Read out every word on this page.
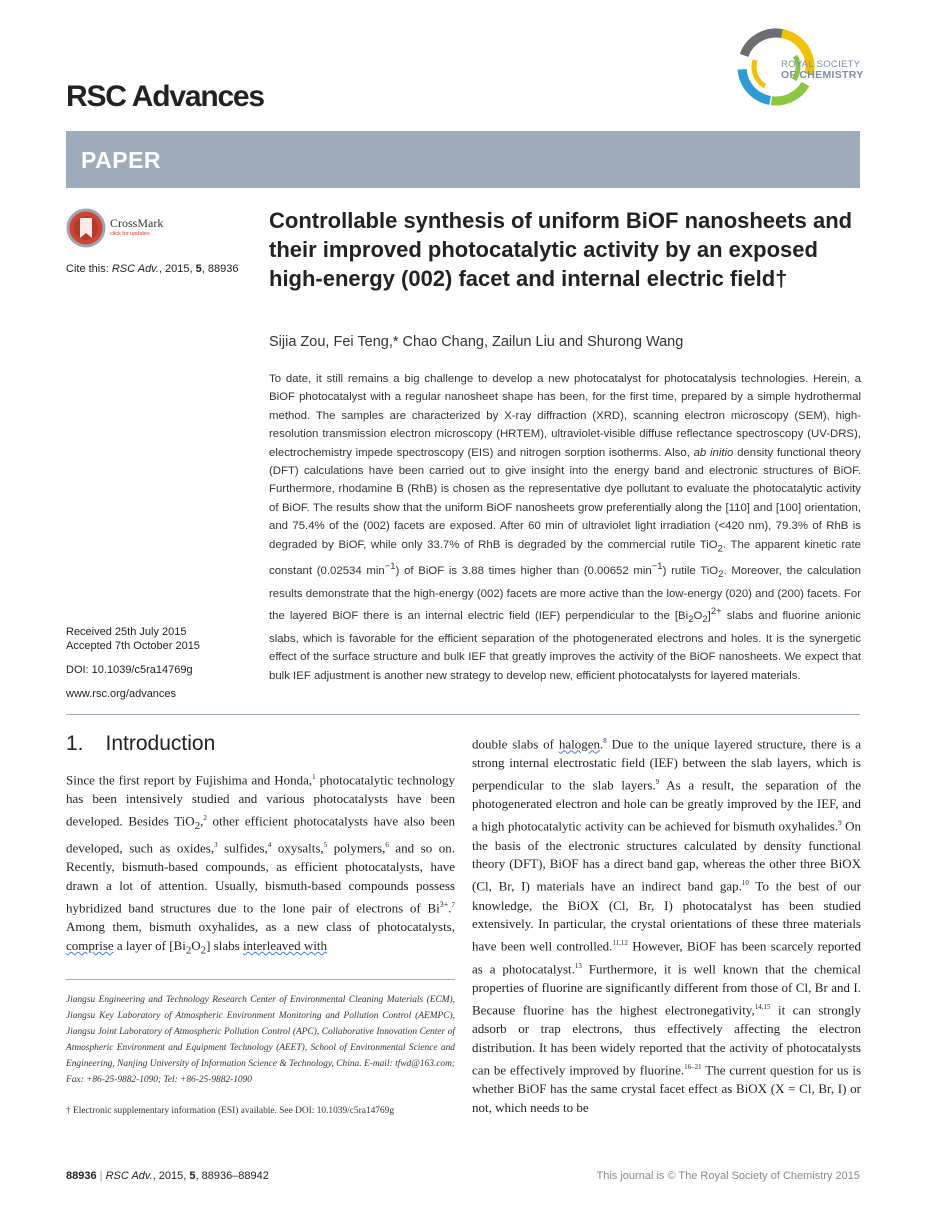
RSC Advances
ROYAL SOCIETY
OF CHEMISTRY
PAPER
CrossMark
click for updates
Cite this: RSC Adv., 2015, 5, 88936
Received 25th July 2015
Accepted 7th October 2015
DOI: 10.1039/c5ra14769g
www.rsc.org/advances
Controllable synthesis of uniform BiOF nanosheets and their improved photocatalytic activity by an exposed high-energy (002) facet and internal electric field†
Sijia Zou, Fei Teng,* Chao Chang, Zailun Liu and Shurong Wang

To date, it still remains a big challenge to develop a new photocatalyst for photocatalysis technologies. Herein, a BiOF photocatalyst with a regular nanosheet shape has been, for the first time, prepared by a simple hydrothermal method. The samples are characterized by X-ray diffraction (XRD), scanning electron microscopy (SEM), high-resolution transmission electron microscopy (HRTEM), ultraviolet-visible diffuse reflectance spectroscopy (UV-DRS), electrochemistry impede spectroscopy (EIS) and nitrogen sorption isotherms. Also, ab initio density functional theory (DFT) calculations have been carried out to give insight into the energy band and electronic structures of BiOF. Furthermore, rhodamine B (RhB) is chosen as the representative dye pollutant to evaluate the photocatalytic activity of BiOF. The results show that the uniform BiOF nanosheets grow preferentially along the [110] and [100] orientation, and 75.4% of the (002) facets are exposed. After 60 min of ultraviolet light irradiation (<420 nm), 79.3% of RhB is degraded by BiOF, while only 33.7% of RhB is degraded by the commercial rutile TiO$_2$. The apparent kinetic rate constant (0.02534 $\min^{-1}$) of BiOF is 3.88 times higher than (0.00652 $\min^{-1}$) rutile TiO$_2$. Moreover, the calculation results demonstrate that the high-energy (002) facets are more active than the low-energy (020) and (200) facets. For the layered BiOF there is an internal electric field (IEF) perpendicular to the $[Bi_2O_2]^{2+}$ slabs and fluorine anionic slabs, which is favorable for the efficient separation of the photogenerated electrons and holes. It is the synergetic effect of the surface structure and bulk IEF that greatly improves the activity of the BiOF nanosheets. We expect that bulk IEF adjustment is another new strategy to develop new, efficient photocatalysts for layered materials.

1. Introduction

Since the first report by Fujishima and Honda,$^1$ photocatalytic technology has been intensively studied and various photocatalysts have been developed. Besides TiO$_2$,$^2$ other efficient photocatalysts have also been developed, such as oxides,$^3$ sulfides,$^4$ oxysalts,$^5$ polymers,$^6$ and so on. Recently, bismuth-based compounds, as efficient photocatalysts, have drawn a lot of attention. Usually, bismuth-based compounds possess hybridized band structures due to the lone pair of electrons of $Bi^{3+}.^7$ Among them, bismuth oxyhalides, as a new class of photocatalysts, comprise a layer of $[Bi_2O_2]$ slabs interleaved with

double slabs of halogen.$^8$ Due to the unique layered structure, there is a strong internal electrostatic field (IEF) between the slab layers, which is perpendicular to the slab layers.$^9$ As a result, the separation of the photogenerated electron and hole can be greatly improved by the IEF, and a high photocatalytic activity can be achieved for bismuth oxyhalides.$^9$ On the basis of the electronic structures calculated by density functional theory (DFT), BiOF has a direct band gap, whereas the other three BiOX (Cl, Br, I) materials have an indirect band gap.$^{10}$ To the best of our knowledge, the BiOX (Cl, Br, I) photocatalyst has been studied extensively. In particular, the crystal orientations of these three materials have been well controlled.$^{11,12}$ However, BiOF has been scarcely reported as a photocatalyst.$^{13}$ Furthermore, it is well known that the chemical properties of fluorine are significantly different from those of Cl, Br and I. Because fluorine has the highest electronegativity,$^{14,15}$ it can strongly adsorb or trap electrons, thus effectively affecting the electron distribution. It has been widely reported that the activity of photocatalysts can be effectively improved by fluorine.$^{16-21}$ The current question for us is whether BiOF has the same crystal facet effect as BiOX (X = Cl, Br, I) or not, which needs to be

Jiangsu Engineering and Technology Research Center of Environmental Cleaning Materials (ECM), Jiangsu Key Laboratory of Atmospheric Environment Monitoring and Pollution Control (AEMPC), Jiangsu Joint Laboratory of Atmospheric Pollution Control (APC), Collaborative Innovation Center of Atmospheric Environment and Equipment Technology (AEET), School of Environmental Science and Engineering, Nanjing University of Information Science & Technology, China. E-mail: tfwd@163.com; Fax: +86-25-9882-1090; Tel: +86-25-9882-1090

† Electronic supplementary information (ESI) available. See DOI: 10.1039/c5ra14769g

88936 | RSC Adv., 2015, 5, 88936–88942	This journal is © The Royal Society of Chemistry 2015
